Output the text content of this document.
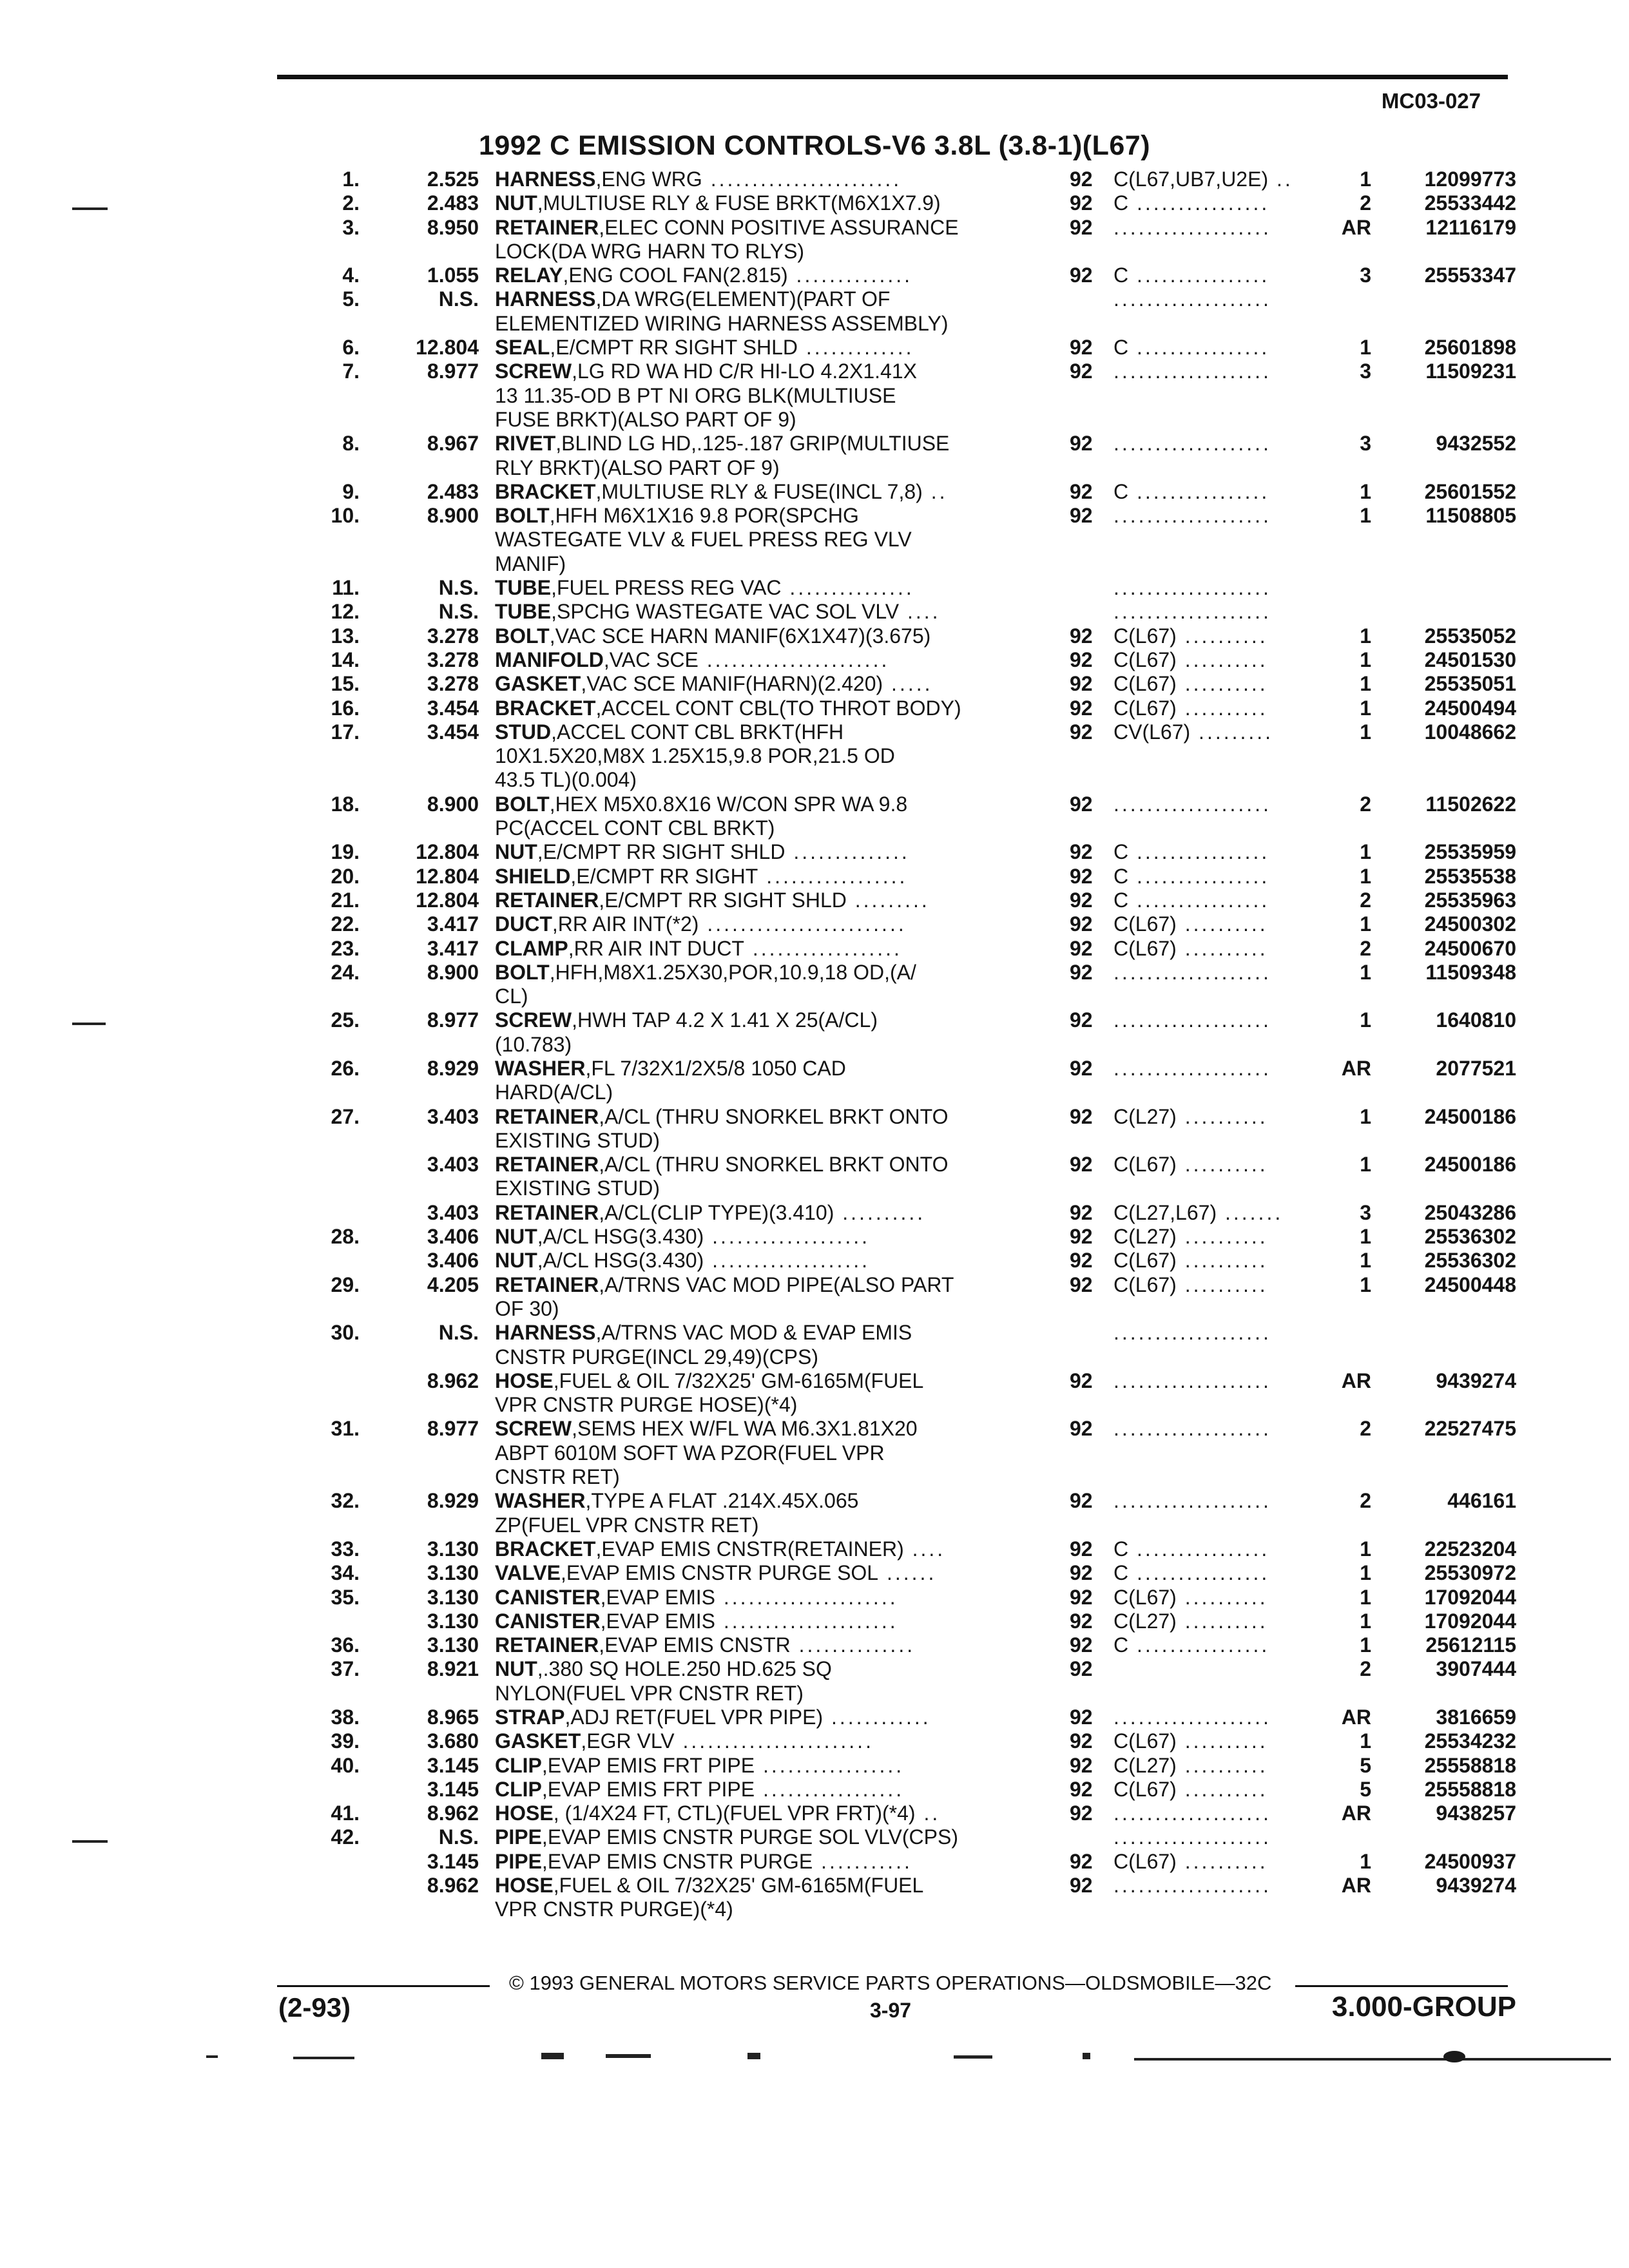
MC03-027
1992 C EMISSION CONTROLS-V6 3.8L (3.8-1)(L67)
1.	2.525 HARNESS,ENG WRG .......................	92 C(L67,UB7,U2E) ..	1	12099773
2.	2.483 NUT,MULTIUSE RLY & FUSE BRKT(M6X1X7.9)	92 C ................	2	25533442
3.	8.950 RETAINER,ELEC CONN POSITIVE ASSURANCE	92 ...................	AR	12116179
LOCK(DA WRG HARN TO RLYS)
4.	1.055 RELAY,ENG COOL FAN(2.815) ..............	92 C ................	3	25553347
5.	N.S. HARNESS,DA WRG(ELEMENT)(PART OF	...................
ELEMENTIZED WIRING HARNESS ASSEMBLY)
6.	12.804 SEAL,E/CMPT RR SIGHT SHLD .............	92 C ................	1	25601898
7.	8.977 SCREW,LG RD WA HD C/R HI-LO 4.2X1.41X	92 ...................	3	11509231
13 11.35-OD B PT NI ORG BLK(MULTIUSE
FUSE BRKT)(ALSO PART OF 9)
8.	8.967 RIVET,BLIND LG HD,.125-.187 GRIP(MULTIUSE	92 ...................	3	9432552
RLY BRKT)(ALSO PART OF 9)
9.	2.483 BRACKET,MULTIUSE RLY & FUSE(INCL 7,8) ..	92 C ................	1	25601552
10.	8.900 BOLT,HFH M6X1X16 9.8 POR(SPCHG	92 ...................	1	11508805
WASTEGATE VLV & FUEL PRESS REG VLV
MANIF)
11.	N.S. TUBE,FUEL PRESS REG VAC ...............	...................
12.	N.S. TUBE,SPCHG WASTEGATE VAC SOL VLV ....	...................
13.	3.278 BOLT,VAC SCE HARN MANIF(6X1X47)(3.675)	92 C(L67) ..........	1	25535052
14.	3.278 MANIFOLD,VAC SCE ......................	92 C(L67) ..........	1	24501530
15.	3.278 GASKET,VAC SCE MANIF(HARN)(2.420) .....	92 C(L67) ..........	1	25535051
16.	3.454 BRACKET,ACCEL CONT CBL(TO THROT BODY)	92 C(L67) ..........	1	24500494
17.	3.454 STUD,ACCEL CONT CBL BRKT(HFH	92 CV(L67) .........	1	10048662
10X1.5X20,M8X 1.25X15,9.8 POR,21.5 OD
43.5 TL)(0.004)
18.	8.900 BOLT,HEX M5X0.8X16 W/CON SPR WA 9.8	92 ...................	2	11502622
PC(ACCEL CONT CBL BRKT)
19.	12.804 NUT,E/CMPT RR SIGHT SHLD ..............	92 C ................	1	25535959
20.	12.804 SHIELD,E/CMPT RR SIGHT .................	92 C ................	1	25535538
21.	12.804 RETAINER,E/CMPT RR SIGHT SHLD .........	92 C ................	2	25535963
22.	3.417 DUCT,RR AIR INT(*2) ........................	92 C(L67) ..........	1	24500302
23.	3.417 CLAMP,RR AIR INT DUCT ..................	92 C(L67) ..........	2	24500670
24.	8.900 BOLT,HFH,M8X1.25X30,POR,10.9,18 OD,(A/	92 ...................	1	11509348
CL)
25.	8.977 SCREW,HWH TAP 4.2 X 1.41 X 25(A/CL)	92 ...................	1	1640810
(10.783)
26.	8.929 WASHER,FL 7/32X1/2X5/8 1050 CAD	92 ...................	AR	2077521
HARD(A/CL)
27.	3.403 RETAINER,A/CL (THRU SNORKEL BRKT ONTO	92 C(L27) ..........	1	24500186
EXISTING STUD)
3.403 RETAINER,A/CL (THRU SNORKEL BRKT ONTO	92 C(L67) ..........	1	24500186
EXISTING STUD)
3.403 RETAINER,A/CL(CLIP TYPE)(3.410) ..........	92 C(L27,L67) .......	3	25043286
28.	3.406 NUT,A/CL HSG(3.430) ...................	92 C(L27) ..........	1	25536302
3.406 NUT,A/CL HSG(3.430) ...................	92 C(L67) ..........	1	25536302
29.	4.205 RETAINER,A/TRNS VAC MOD PIPE(ALSO PART	92 C(L67) ..........	1	24500448
OF 30)
30.	N.S. HARNESS,A/TRNS VAC MOD & EVAP EMIS	...................
CNSTR PURGE(INCL 29,49)(CPS)
8.962 HOSE,FUEL & OIL 7/32X25' GM-6165M(FUEL	92 ...................	AR	9439274
VPR CNSTR PURGE HOSE)(*4)
31.	8.977 SCREW,SEMS HEX W/FL WA M6.3X1.81X20	92 ...................	2	22527475
ABPT 6010M SOFT WA PZOR(FUEL VPR
CNSTR RET)
32.	8.929 WASHER,TYPE A FLAT .214X.45X.065	92 ...................	2	446161
ZP(FUEL VPR CNSTR RET)
33.	3.130 BRACKET,EVAP EMIS CNSTR(RETAINER) ....	92 C ................	1	22523204
34.	3.130 VALVE,EVAP EMIS CNSTR PURGE SOL ......	92 C ................	1	25530972
35.	3.130 CANISTER,EVAP EMIS .....................	92 C(L67) ..........	1	17092044
3.130 CANISTER,EVAP EMIS .....................	92 C(L27) ..........	1	17092044
36.	3.130 RETAINER,EVAP EMIS CNSTR ..............	92 C ................	1	25612115
37.	8.921 NUT,.380 SQ HOLE.250 HD.625 SQ	92	2	3907444
NYLON(FUEL VPR CNSTR RET)
38.	8.965 STRAP,ADJ RET(FUEL VPR PIPE) ............	92 ...................	AR	3816659
39.	3.680 GASKET,EGR VLV .......................	92 C(L67) ..........	1	25534232
40.	3.145 CLIP,EVAP EMIS FRT PIPE .................	92 C(L27) ..........	5	25558818
3.145 CLIP,EVAP EMIS FRT PIPE .................	92 C(L67) ..........	5	25558818
41.	8.962 HOSE, (1/4X24 FT, CTL)(FUEL VPR FRT)(*4) ..	92 ...................	AR	9438257
42.	N.S. PIPE,EVAP EMIS CNSTR PURGE SOL VLV(CPS)	...................
3.145 PIPE,EVAP EMIS CNSTR PURGE ...........	92 C(L67) ..........	1	24500937
8.962 HOSE,FUEL & OIL 7/32X25' GM-6165M(FUEL	92 ...................	AR	9439274
VPR CNSTR PURGE)(*4)
© 1993 GENERAL MOTORS SERVICE PARTS OPERATIONS—OLDSMOBILE—32C
(2-93)	3-97	3.000-GROUP
